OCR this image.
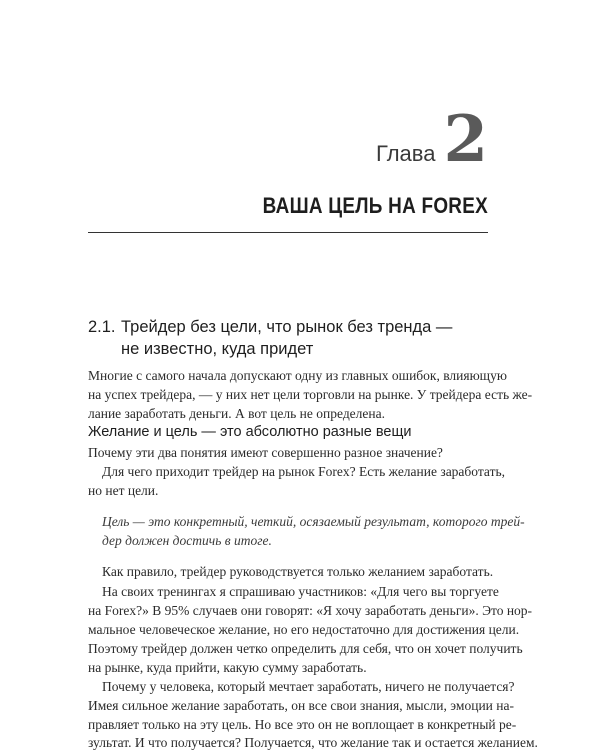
Глава 2
ВАША ЦЕЛЬ НА FOREX
2.1. Трейдер без цели, что рынок без тренда —
не известно, куда придет
Многие с самого начала допускают одну из главных ошибок, влияющую
на успех трейдера, — у них нет цели торговли на рынке. У трейдера есть же-
лание заработать деньги. А вот цель не определена.
Желание и цель — это абсолютно разные вещи
Почему эти два понятия имеют совершенно разное значение?
Для чего приходит трейдер на рынок Forex? Есть желание заработать,
но нет цели.
Цель — это конкретный, четкий, осязаемый результат, которого трей-
дер должен достичь в итоге.
Как правило, трейдер руководствуется только желанием заработать.
На своих тренингах я спрашиваю участников: «Для чего вы торгуете
на Forex?» В 95% случаев они говорят: «Я хочу заработать деньги». Это нор-
мальное человеческое желание, но его недостаточно для достижения цели.
Поэтому трейдер должен четко определить для себя, что он хочет получить
на рынке, куда прийти, какую сумму заработать.
Почему у человека, который мечтает заработать, ничего не получается?
Имея сильное желание заработать, он все свои знания, мысли, эмоции на-
правляет только на эту цель. Но все это он не воплощает в конкретный ре-
зультат. И что получается? Получается, что желание так и остается желанием.
